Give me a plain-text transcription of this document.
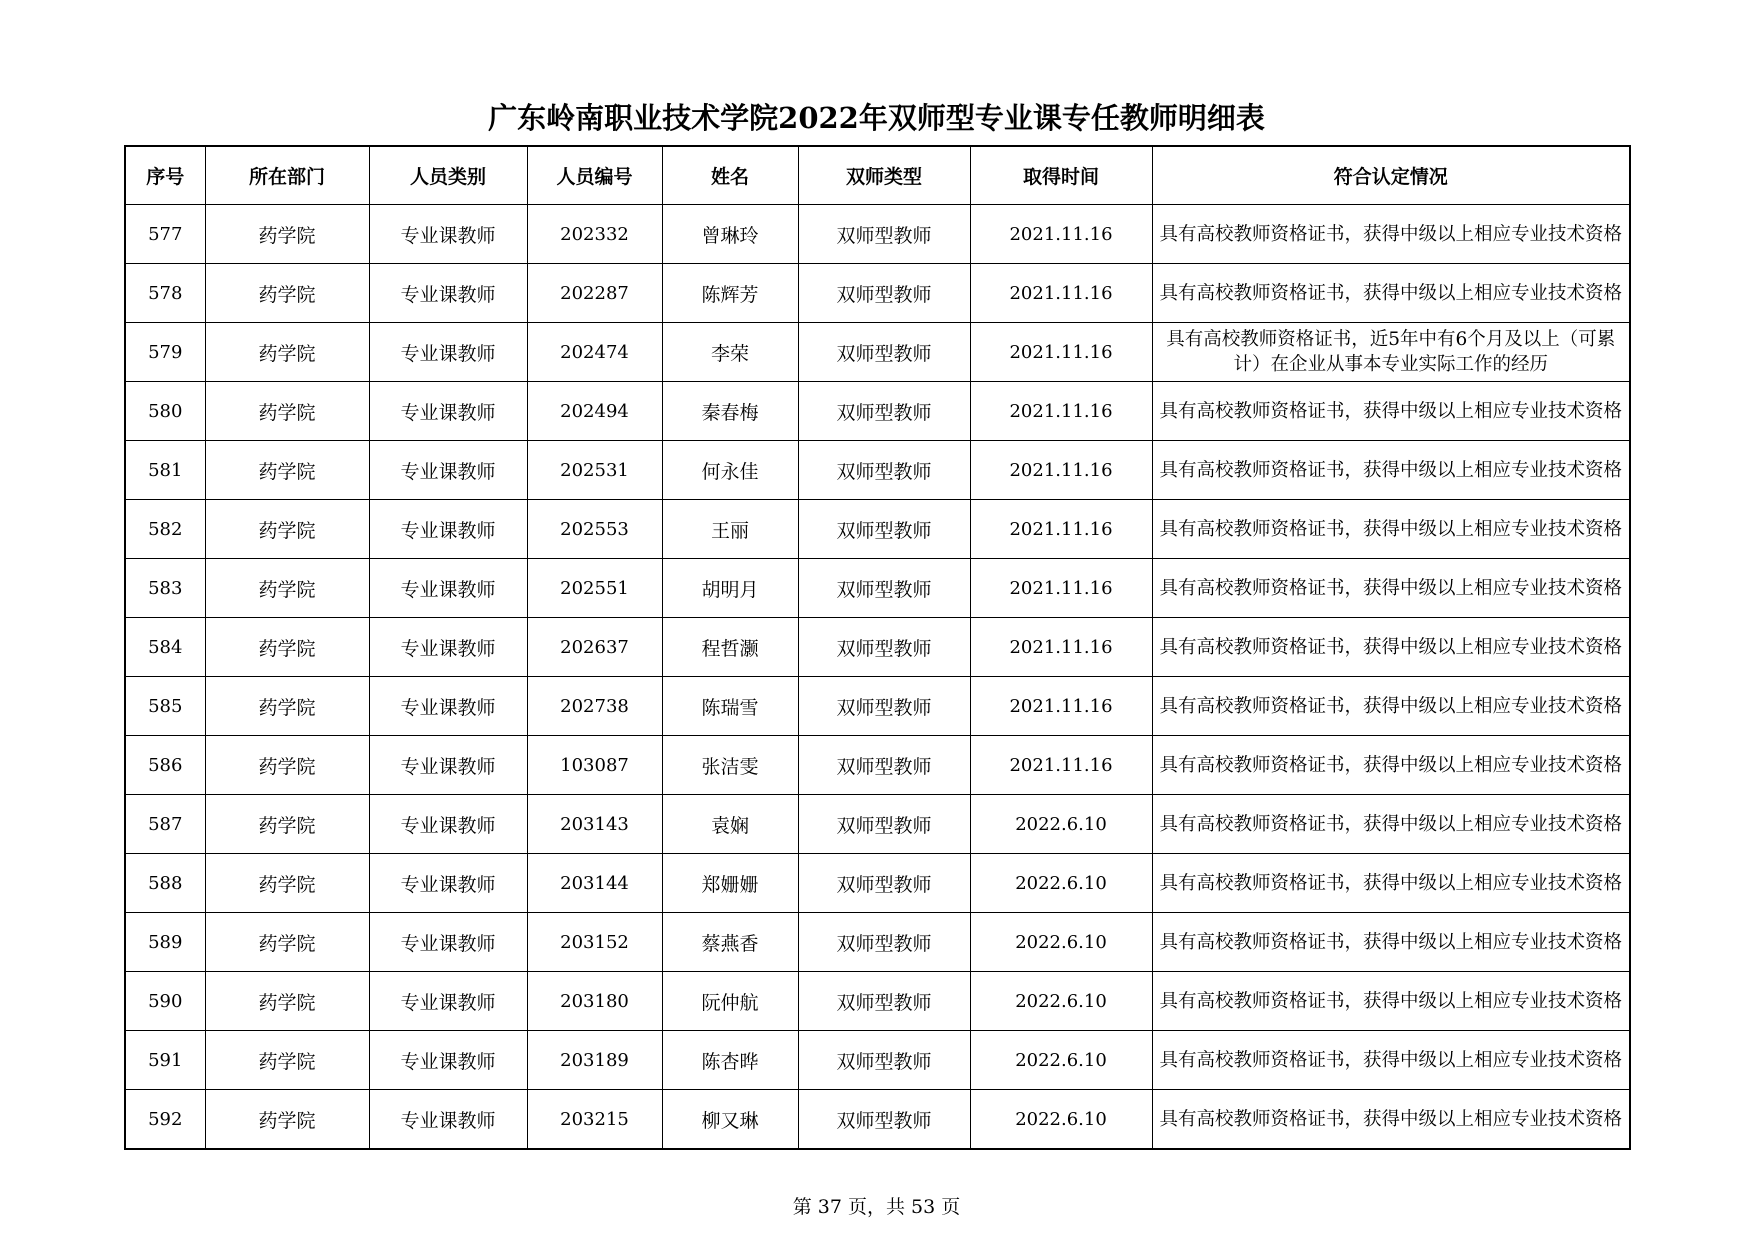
广东岭南职业技术学院2022年双师型专业课专任教师明细表
序号	所在部门	人员类别	人员编号	姓名	双师类型	取得时间	符合认定情况
577	药学院	专业课教师	202332	曾琳玲	双师型教师	2021.11.16	具有高校教师资格证书，获得中级以上相应专业技术资格
578	药学院	专业课教师	202287	陈辉芳	双师型教师	2021.11.16	具有高校教师资格证书，获得中级以上相应专业技术资格
579	药学院	专业课教师	202474	李荣	双师型教师	2021.11.16	具有高校教师资格证书，近5年中有6个月及以上（可累计）在企业从事本专业实际工作的经历
580	药学院	专业课教师	202494	秦春梅	双师型教师	2021.11.16	具有高校教师资格证书，获得中级以上相应专业技术资格
581	药学院	专业课教师	202531	何永佳	双师型教师	2021.11.16	具有高校教师资格证书，获得中级以上相应专业技术资格
582	药学院	专业课教师	202553	王丽	双师型教师	2021.11.16	具有高校教师资格证书，获得中级以上相应专业技术资格
583	药学院	专业课教师	202551	胡明月	双师型教师	2021.11.16	具有高校教师资格证书，获得中级以上相应专业技术资格
584	药学院	专业课教师	202637	程哲灏	双师型教师	2021.11.16	具有高校教师资格证书，获得中级以上相应专业技术资格
585	药学院	专业课教师	202738	陈瑞雪	双师型教师	2021.11.16	具有高校教师资格证书，获得中级以上相应专业技术资格
586	药学院	专业课教师	103087	张洁雯	双师型教师	2021.11.16	具有高校教师资格证书，获得中级以上相应专业技术资格
587	药学院	专业课教师	203143	袁娴	双师型教师	2022.6.10	具有高校教师资格证书，获得中级以上相应专业技术资格
588	药学院	专业课教师	203144	郑姗姗	双师型教师	2022.6.10	具有高校教师资格证书，获得中级以上相应专业技术资格
589	药学院	专业课教师	203152	蔡燕香	双师型教师	2022.6.10	具有高校教师资格证书，获得中级以上相应专业技术资格
590	药学院	专业课教师	203180	阮仲航	双师型教师	2022.6.10	具有高校教师资格证书，获得中级以上相应专业技术资格
591	药学院	专业课教师	203189	陈杏晔	双师型教师	2022.6.10	具有高校教师资格证书，获得中级以上相应专业技术资格
592	药学院	专业课教师	203215	柳又琳	双师型教师	2022.6.10	具有高校教师资格证书，获得中级以上相应专业技术资格
第 37 页，共 53 页
